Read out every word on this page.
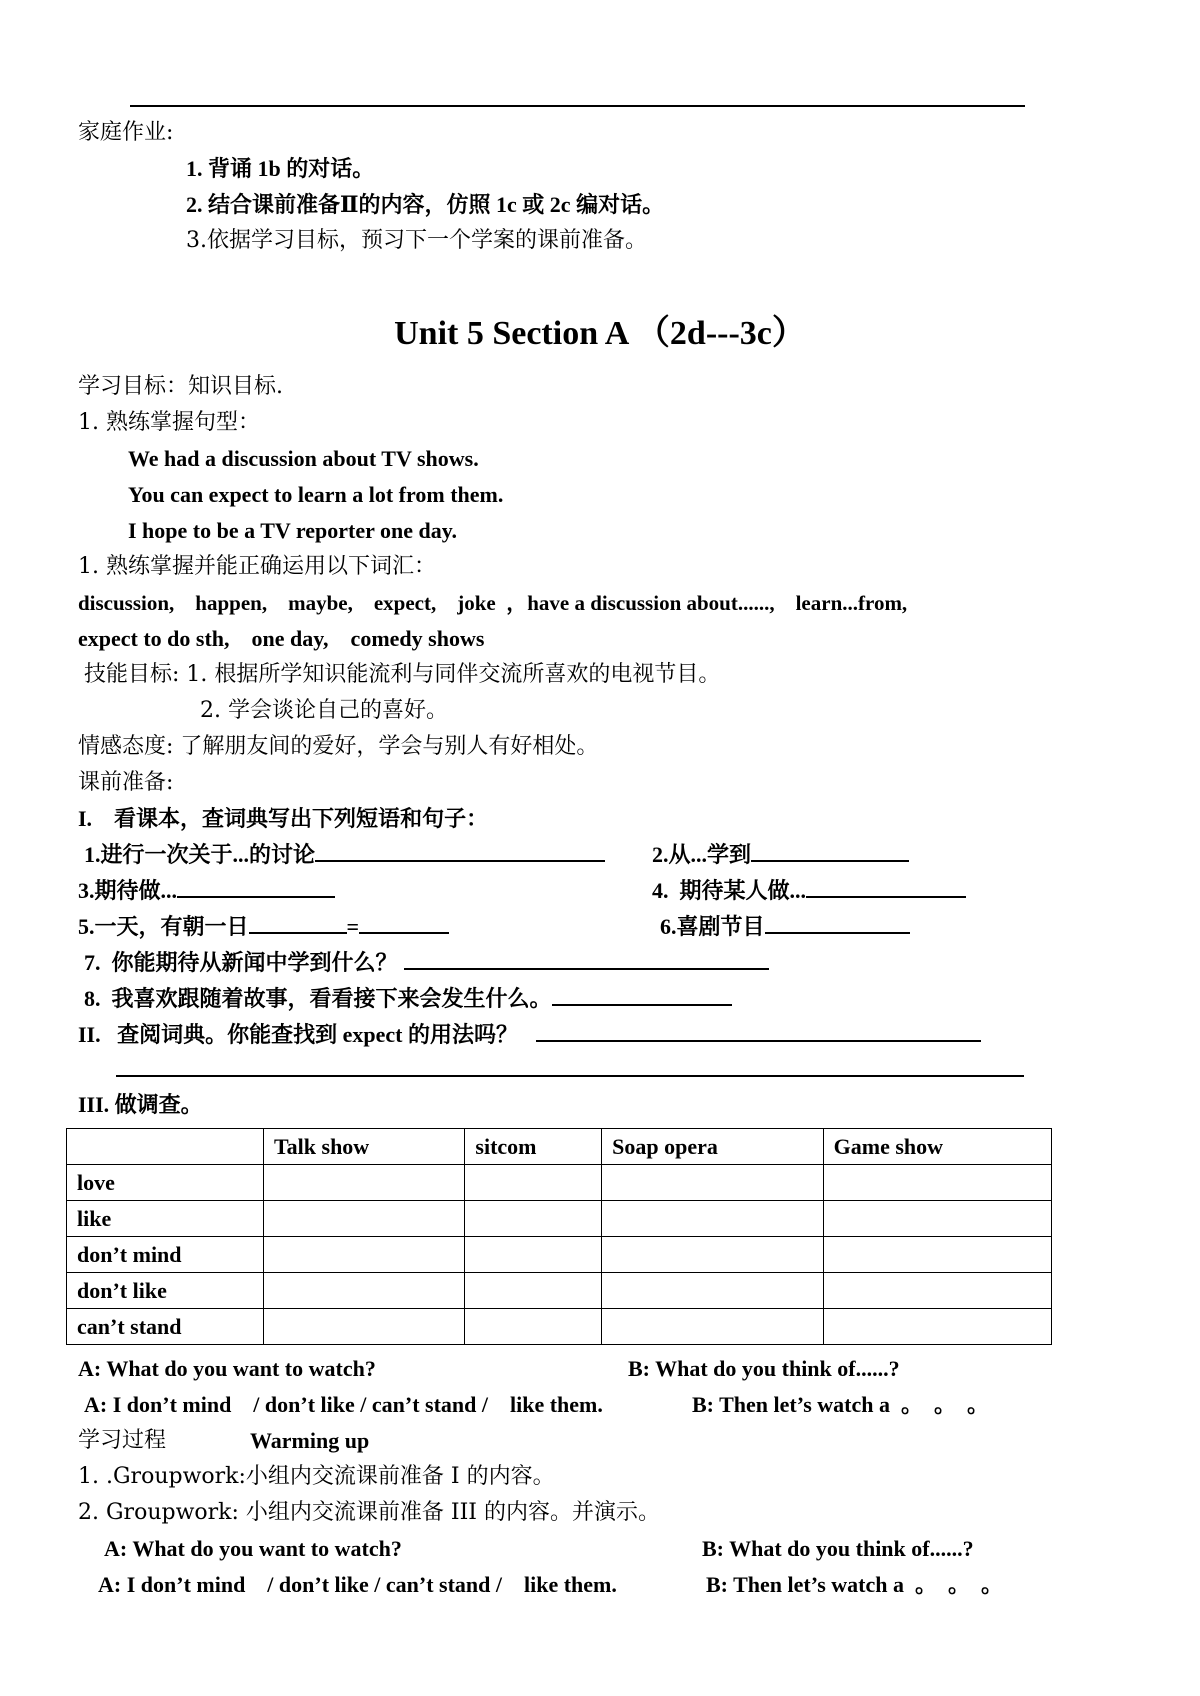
家庭作业:
1. 背诵 1b 的对话。
2. 结合课前准备Ⅱ的内容，仿照 1c 或 2c 编对话。
3.依据学习目标，预习下一个学案的课前准备。
Unit 5 Section A （2d---3c）
学习目标：知识目标.
1. 熟练掌握句型：
We had a discussion about TV shows.
You can expect to learn a lot from them.
I hope to be a TV reporter one day.
1. 熟练掌握并能正确运用以下词汇：
discussion,    happen,    maybe,    expect,    joke  ，have a discussion about......,    learn...from,
expect to do sth,    one day,    comedy shows
技能目标: 1. 根据所学知识能流利与同伴交流所喜欢的电视节目。
2. 学会谈论自己的喜好。
情感态度: 了解朋友间的爱好，学会与别人有好相处。
课前准备:
I.    看课本，查词典写出下列短语和句子：
1.进行一次关于...的讨论	2.从...学到
3.期待做...	4.  期待某人做...
5.一天，有朝一日	=	6.喜剧节目
7.  你能期待从新闻中学到什么？
8.  我喜欢跟随着故事，看看接下来会发生什么。
II.   查阅词典。你能查找到 expect 的用法吗？
III. 做调查。
	Talk show	sitcom	Soap opera	Game show
love				
like				
don’t mind				
don’t like				
can’t stand				
A: What do you want to watch?	B: What do you think of......?
A: I don’t mind    / don’t like / can’t stand /    like them.	B: Then let’s watch a  。  。  。
学习过程	Warming up
1. .Groupwork:小组内交流课前准备 I 的内容。
2. Groupwork: 小组内交流课前准备 III 的内容。并演示。
A: What do you want to watch?	B: What do you think of......?
A: I don’t mind    / don’t like / can’t stand /    like them.	B: Then let’s watch a  。  。  。
